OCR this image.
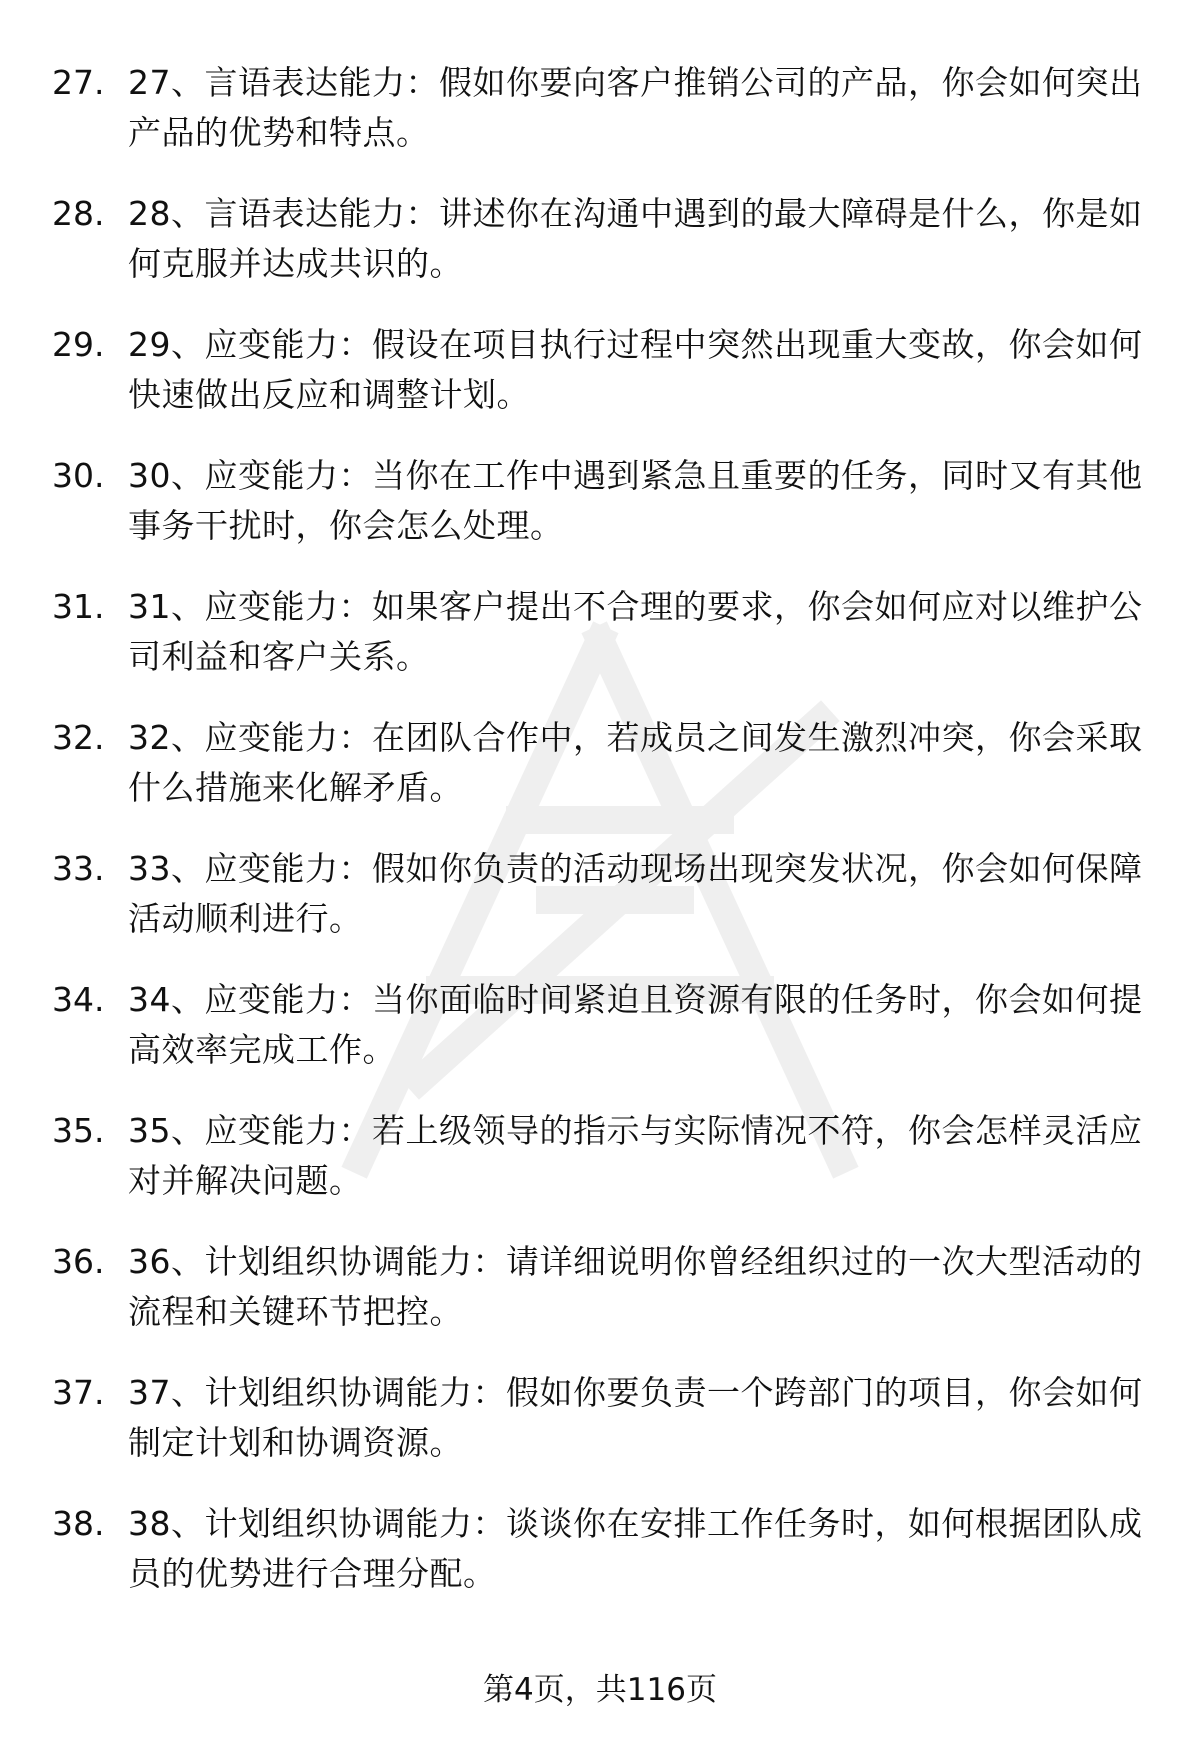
27. 27、言语表达能力：假如你要向客户推销公司的产品，你会如何突出产品的优势和特点。
28. 28、言语表达能力：讲述你在沟通中遇到的最大障碍是什么，你是如何克服并达成共识的。
29. 29、应变能力：假设在项目执行过程中突然出现重大变故，你会如何快速做出反应和调整计划。
30. 30、应变能力：当你在工作中遇到紧急且重要的任务，同时又有其他事务干扰时，你会怎么处理。
31. 31、应变能力：如果客户提出不合理的要求，你会如何应对以维护公司利益和客户关系。
32. 32、应变能力：在团队合作中，若成员之间发生激烈冲突，你会采取什么措施来化解矛盾。
33. 33、应变能力：假如你负责的活动现场出现突发状况，你会如何保障活动顺利进行。
34. 34、应变能力：当你面临时间紧迫且资源有限的任务时，你会如何提高效率完成工作。
35. 35、应变能力：若上级领导的指示与实际情况不符，你会怎样灵活应对并解决问题。
36. 36、计划组织协调能力：请详细说明你曾经组织过的一次大型活动的流程和关键环节把控。
37. 37、计划组织协调能力：假如你要负责一个跨部门的项目，你会如何制定计划和协调资源。
38. 38、计划组织协调能力：谈谈你在安排工作任务时，如何根据团队成员的优势进行合理分配。
第4页，共116页
